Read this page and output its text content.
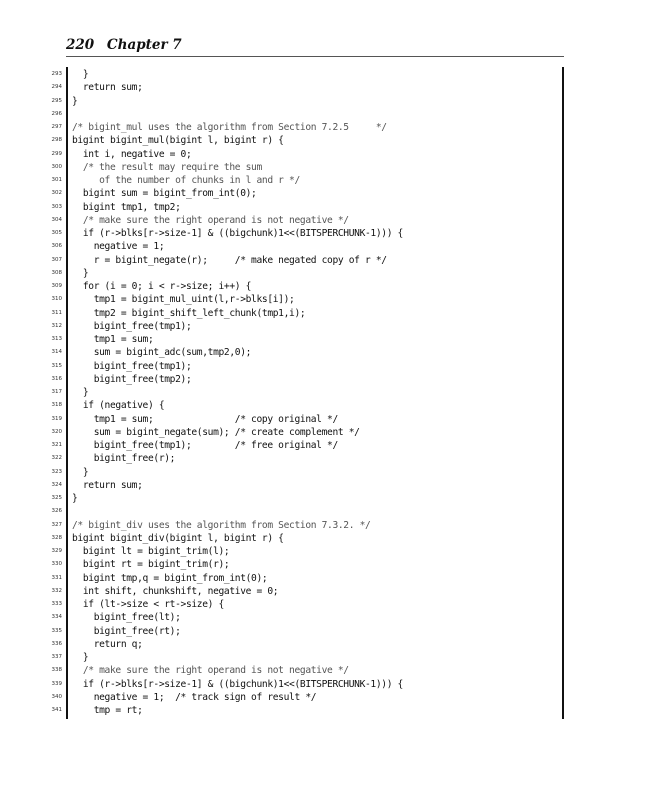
220 Chapter 7
293 }
294 return sum;
295 }
296
297 /* bigint_mul uses the algorithm from Section 7.2.5     */
298 bigint bigint_mul(bigint l, bigint r) {
299 int i, negative = 0;
300 /* the result may require the sum
301 of the number of chunks in l and r */
302 bigint sum = bigint_from_int(0);
303 bigint tmp1, tmp2;
304 /* make sure the right operand is not negative */
305 if (r->blks[r->size-1] & ((bigchunk)1<<(BITSPERCHUNK-1))) {
306 negative = 1;
307 r = bigint_negate(r);     /* make negated copy of r */
308 }
309 for (i = 0; i < r->size; i++) {
310 tmp1 = bigint_mul_uint(l,r->blks[i]);
311 tmp2 = bigint_shift_left_chunk(tmp1,i);
312 bigint_free(tmp1);
313 tmp1 = sum;
314 sum = bigint_adc(sum,tmp2,0);
315 bigint_free(tmp1);
316 bigint_free(tmp2);
317 }
318 if (negative) {
319 tmp1 = sum;               /* copy original */
320 sum = bigint_negate(sum); /* create complement */
321 bigint_free(tmp1);        /* free original */
322 bigint_free(r);
323 }
324 return sum;
325 }
326
327 /* bigint_div uses the algorithm from Section 7.3.2. */
328 bigint bigint_div(bigint l, bigint r) {
329 bigint lt = bigint_trim(l);
330 bigint rt = bigint_trim(r);
331 bigint tmp,q = bigint_from_int(0);
332 int shift, chunkshift, negative = 0;
333 if (lt->size < rt->size) {
334 bigint_free(lt);
335 bigint_free(rt);
336 return q;
337 }
338 /* make sure the right operand is not negative */
339 if (r->blks[r->size-1] & ((bigchunk)1<<(BITSPERCHUNK-1))) {
340 negative = 1;  /* track sign of result */
341 tmp = rt;
